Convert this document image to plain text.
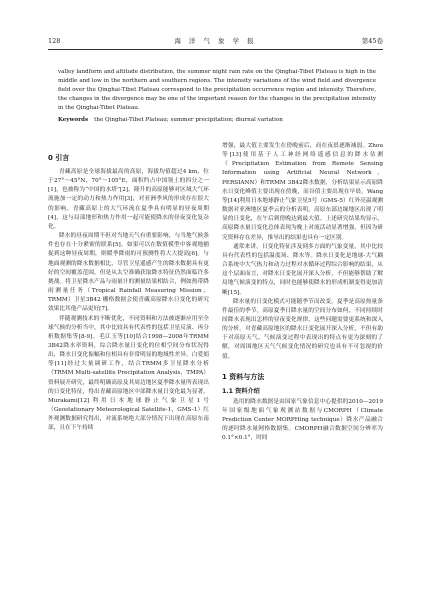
128	海 洋 气 象 学 报	第45卷

valley landform and altitude distribution, the summer night rain rate on the Qinghai-Tibet Plateau is high in the middle and low in the northern and southern regions. The intensity variations of the wind field and divergence field over the Qinghai-Tibet Plateau correspond to the precipitation occurrence region and intensity. Therefore, the changes in the divergence may be one of the important reason for the changes in the precipitation intensity in the Qinghai-Tibet Plateau.

Keywords the Qinghai-Tibet Plateau; summer precipitation; diurnal variation

0 引言

青藏高原是全球海拔最高的高原，海拔均值超过4 km，位于27°～45°N、70°～105°E，面积约占中国领土的四分之一[1]，也被称为“中国的水塔”[2]。隆升的高原能够对区域大气环流施加一定的动力和热力作用[3]，对亚洲季风的形成存在很大的影响。青藏高原上的大气环流在夏季具有明显的昼夜周期[4]，这与局部地形和热力作用一起可能使降水的昼夜变化复杂化。

降水的昼夜周期不但对当地天气有重要影响，与当地气候条件也存在十分紧密的联系[5]。如果可以在数值模型中客观地捕捉到这种昼夜周期，则暖季降雨的可预测性将大大提高[6]。与地面观测的降水数据相比，尽管卫星遥感产生的降水数据具有更好的空间覆盖范围，但是从太空准确获取降水特征仍然面临许多挑战。将卫星降水产品与雨量计的测量结果相结合，例如热带降雨测量任务（Tropical Rainfall Measuring Mission，TRMM）卫星3B42 栅格数据会使青藏高原降水日变化的研究效果比其他产品更好[7]。

伴随观测技术的不断优化，不同资料和方法被逐渐应用至全球气候的分析当中，其中比较具有代表性的包括卫星反演、再分析数据集等[8-9]。毛江玉等[10]结合1998—2008年TRMM 3B42降水率资料，综合降水量日变化的位相空间分布状况得出，降水日变化振幅和位相具有非常明显的地域性差异。白爱娟等[11]经过大量调研工作，结合TRMM多卫星降水分析（TRMM Multi-satellite Precipitation Analysis，TMPA）资料展开研究，最终明确高原及其周边地区夏季降水量所表现出的日变化特征，得出青藏高原地区中部降水量日变化最为显著。Murakami[12]利用日本地球静止气象卫星1号（Geostationary Meteorological Satellite-1，GMS-1）红外观测数据研究得出，对流系统绝大部分情况下出现在高原东南部，且在下午持续

增强，最大值主要发生在傍晚前后，而在夜晨逐渐减弱。Zhou等[13]使用基于人工神经网络遥感信息的降水估测（Precipitation Estimation from Remote Sensing Information using Artificial Neural Network，PERSIANN）和TRMM 3B42降水数据，分析结果显示高原降水日变化峰值主要出现在傍晚，而谷值主要出现在早晨。Wang等[14]利用日本地球静止气象卫星5号（GMS-5）红外亮温观测数据对亚洲地区夏季云的分析表明，高原东部边缘地区出现了明显的日变化，在午后到傍晚达到最大值。上述研究结果均显示，高原降水量日变化总体表现为晚上对流活动显著增强，但因为研究资料存在差异，推导出的结果也具有一定区别。

通常来讲，日变化特征涉及到多方面的气象变量，其中比较具有代表性的包括温度场、降水等。降水日变化是地球-大气耦合系统中大气热力和动力过程对水循环过程综合影响的结果，从这个层面而言，对降水日变化展开深入分析，不但能够帮助了解局地气候演变的特点，同时也能够使降水的形成机制变得更加清晰[15]。

降水量的日变化模式可能随季节而改变，夏季是高原热量条件最佳的季节。高原夏季日降水量的空间分布如何，不同持续时间降水表现出怎样的昼夜变化规律，这些问题需要更系统和深入的分析。对青藏高原地区的降水日变化展开深入分析，不但有助于对高原天气、气候演变过程中表现出的特点有更为深刻的了解，对周围地区天气气候变化情况的研究也具有不可忽视的价值。

1 资料与方法
1.1 资料介绍

选用的降水数据是由国家气象信息中心提供的2010—2019年国家级地面气象观测站数据与CMORPH（Climate Prediction Center MORPHing technique）降水产品融合的逐时降水量网格数据集。CMORPH融合数据空间分辨率为0.1°×0.1°，时间
